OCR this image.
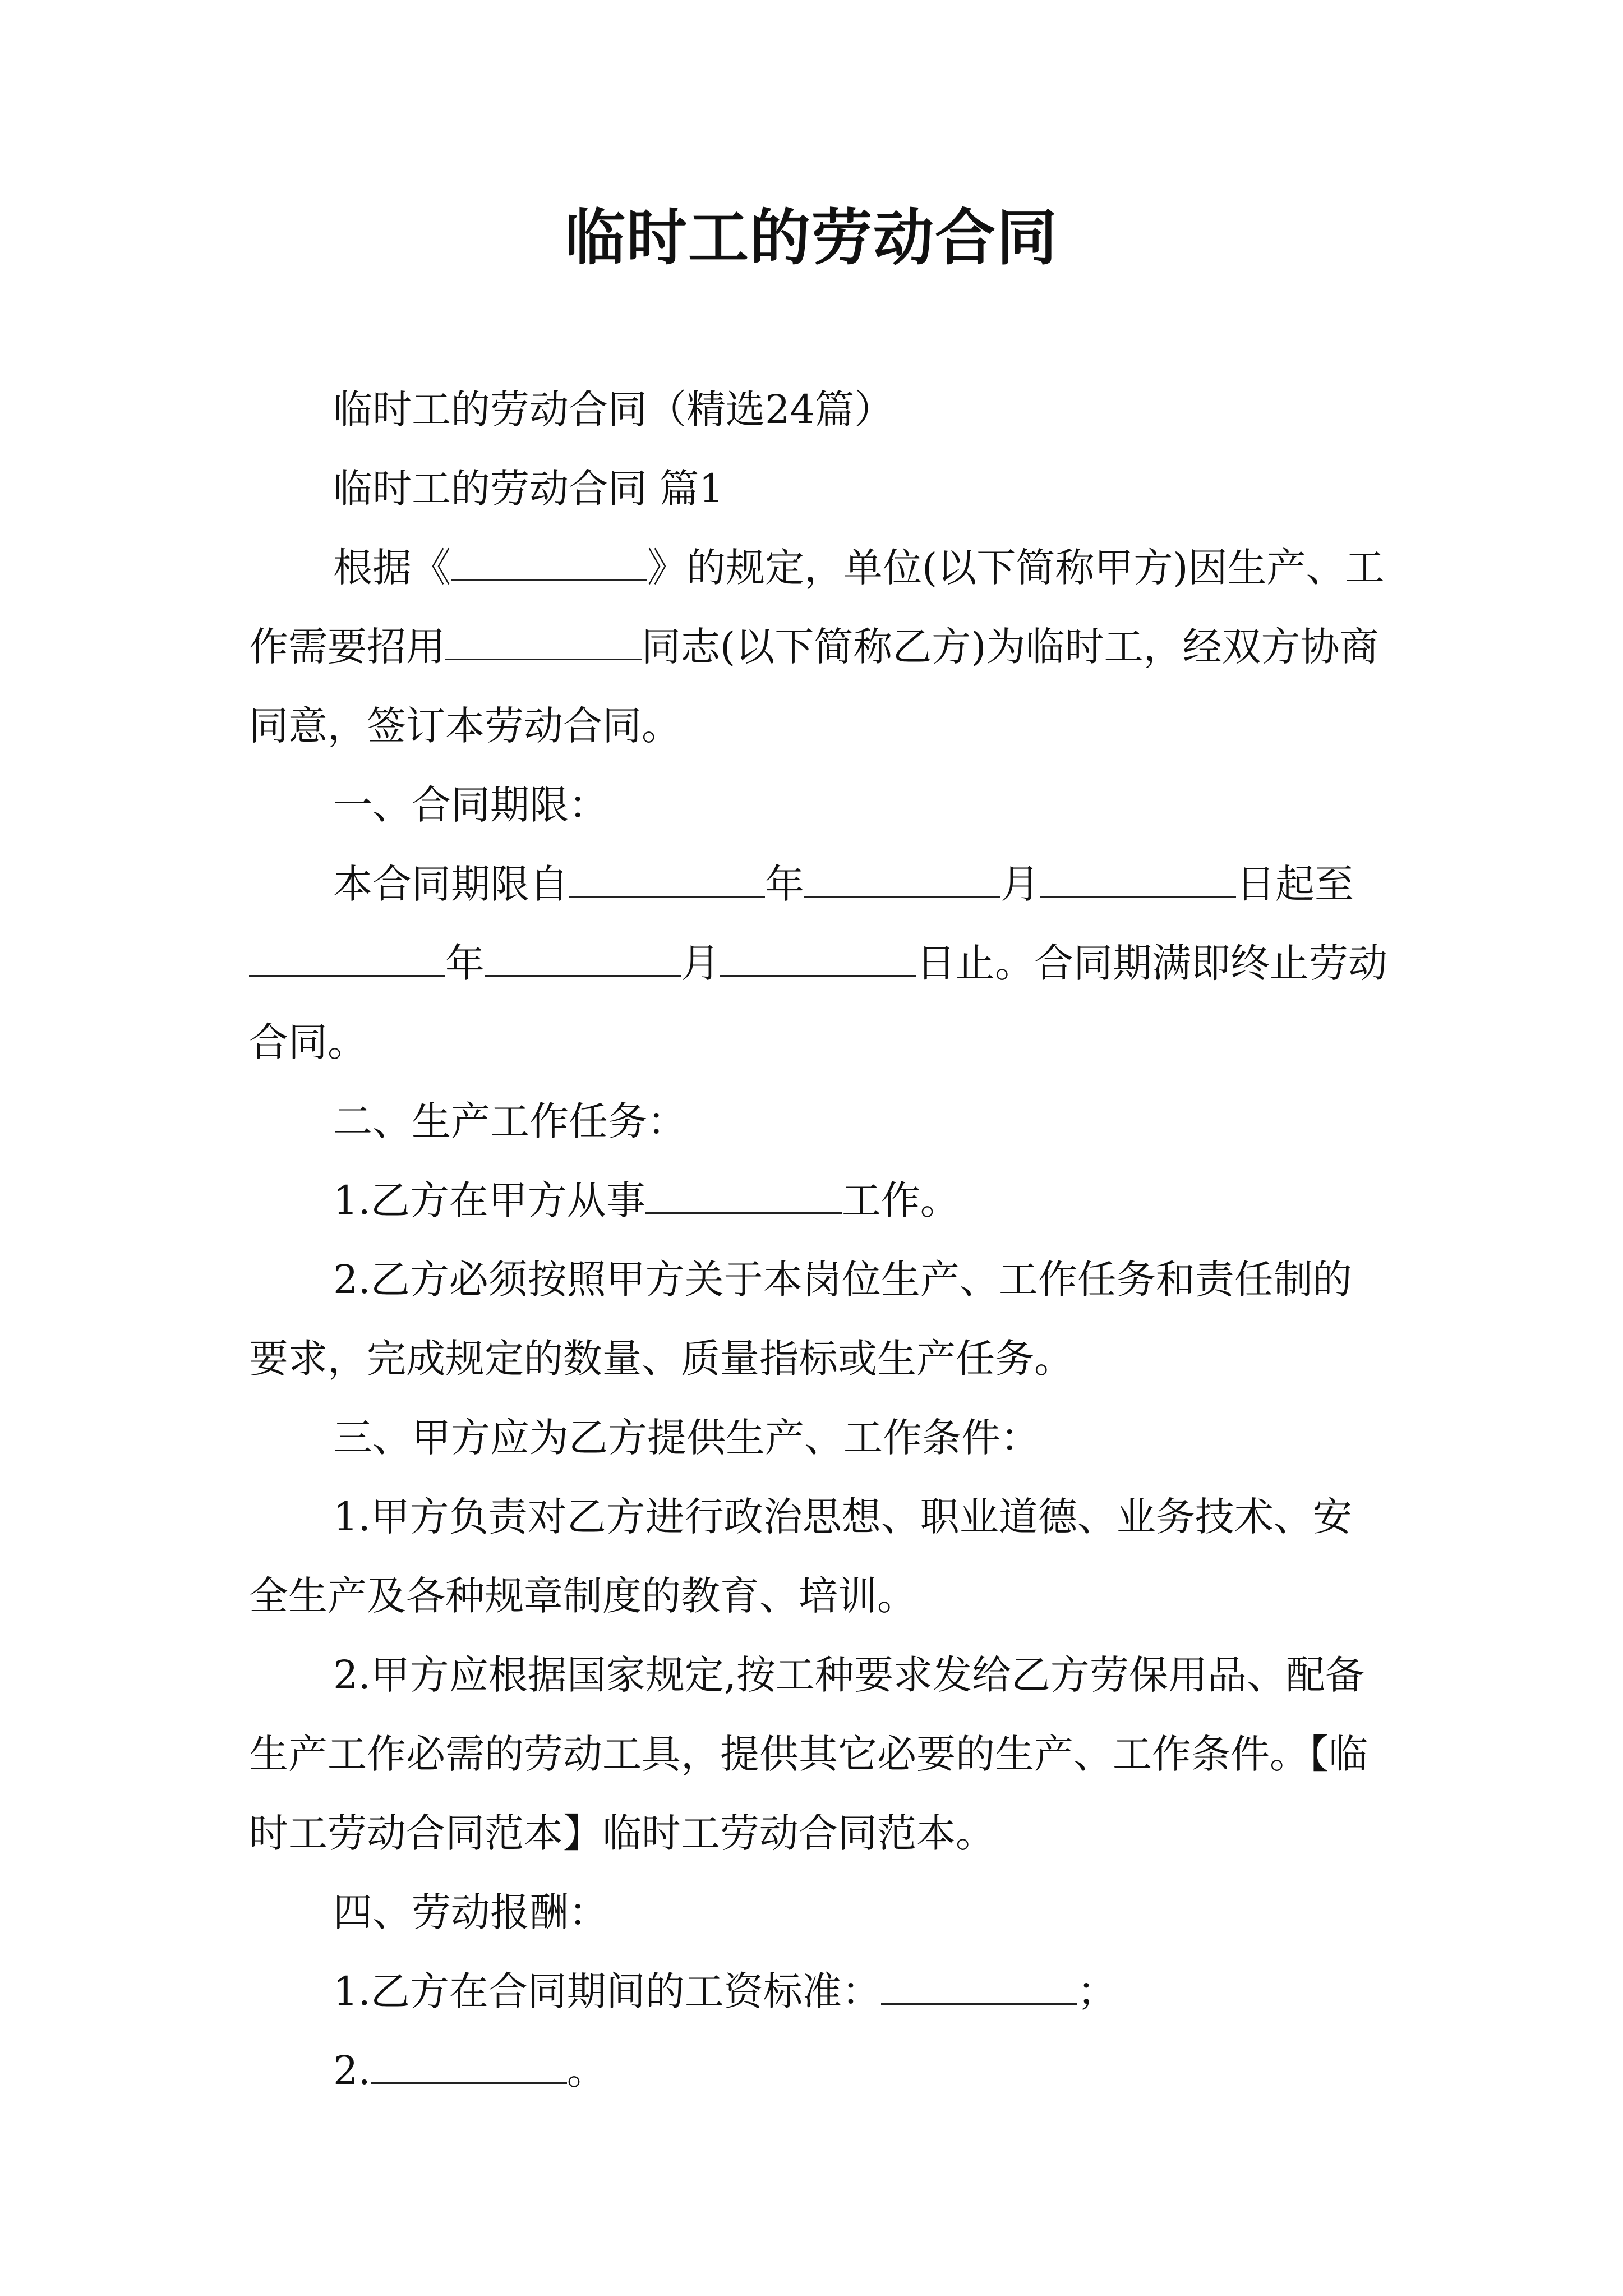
临时工的劳动合同

临时工的劳动合同（精选24篇）

临时工的劳动合同 篇1

根据《	》的规定，单位(以下简称甲方)因生产、工作需要招用	同志(以下简称乙方)为临时工，经双方协商同意，签订本劳动合同。

一、合同期限：

本合同期限自	年	月	日起至年	月	日止。合同期满即终止劳动合同。

二、生产工作任务：

1.乙方在甲方从事	工作。

2.乙方必须按照甲方关于本岗位生产、工作任务和责任制的要求，完成规定的数量、质量指标或生产任务。

三、甲方应为乙方提供生产、工作条件：

1.甲方负责对乙方进行政治思想、职业道德、业务技术、安全生产及各种规章制度的教育、培训。

2.甲方应根据国家规定,按工种要求发给乙方劳保用品、配备生产工作必需的劳动工具，提供其它必要的生产、工作条件。【临时工劳动合同范本】临时工劳动合同范本。

四、劳动报酬：

1.乙方在合同期间的工资标准：	；

2.	。
